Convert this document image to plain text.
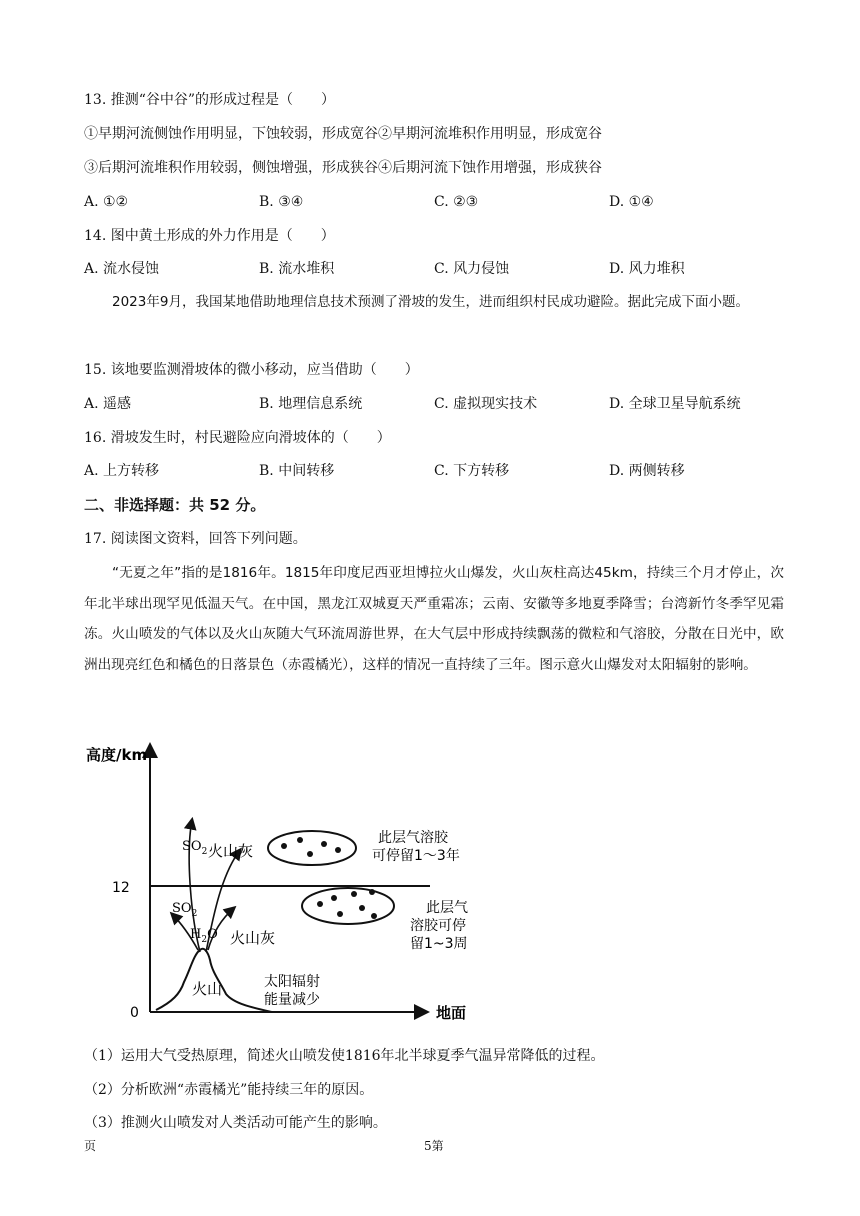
13. 推测“谷中谷”的形成过程是（　　）
①早期河流侧蚀作用明显，下蚀较弱，形成宽谷②早期河流堆积作用明显，形成宽谷
③后期河流堆积作用较弱，侧蚀增强，形成狭谷④后期河流下蚀作用增强，形成狭谷
A. ①②	B. ③④	C. ②③	D. ①④
14. 图中黄土形成的外力作用是（　　）
A. 流水侵蚀	B. 流水堆积	C. 风力侵蚀	D. 风力堆积
2023年9月，我国某地借助地理信息技术预测了滑坡的发生，进而组织村民成功避险。据此完成下面小题。
15. 该地要监测滑坡体的微小移动，应当借助（　　）
A. 遥感	B. 地理信息系统	C. 虚拟现实技术	D. 全球卫星导航系统
16. 滑坡发生时，村民避险应向滑坡体的（　　）
A. 上方转移	B. 中间转移	C. 下方转移	D. 两侧转移
二、非选择题：共 52 分。
17. 阅读图文资料，回答下列问题。
“无夏之年”指的是1816年。1815年印度尼西亚坦博拉火山爆发，火山灰柱高达45km，持续三个月才停止，次年北半球出现罕见低温天气。在中国，黑龙江双城夏天严重霜冻；云南、安徽等多地夏季降雪；台湾新竹冬季罕见霜冻。火山喷发的气体以及火山灰随大气环流周游世界，在大气层中形成持续飘荡的微粒和气溶胶，分散在日光中，欧洲出现亮红色和橘色的日落景色（赤霞橘光），这样的情况一直持续了三年。图示意火山爆发对太阳辐射的影响。
高度/km
地面
12
0
火山
$SO_2$ 火山灰
$SO_2$
$H_2O$ 火山灰
此层气溶胶
可停留1～3年
此层气
溶胶可停
留1~3周
太阳辐射
能量减少
（1）运用大气受热原理，简述火山喷发使1816年北半球夏季气温异常降低的过程。
（2）分析欧洲“赤霞橘光”能持续三年的原因。
（3）推测火山喷发对人类活动可能产生的影响。
页	5第
